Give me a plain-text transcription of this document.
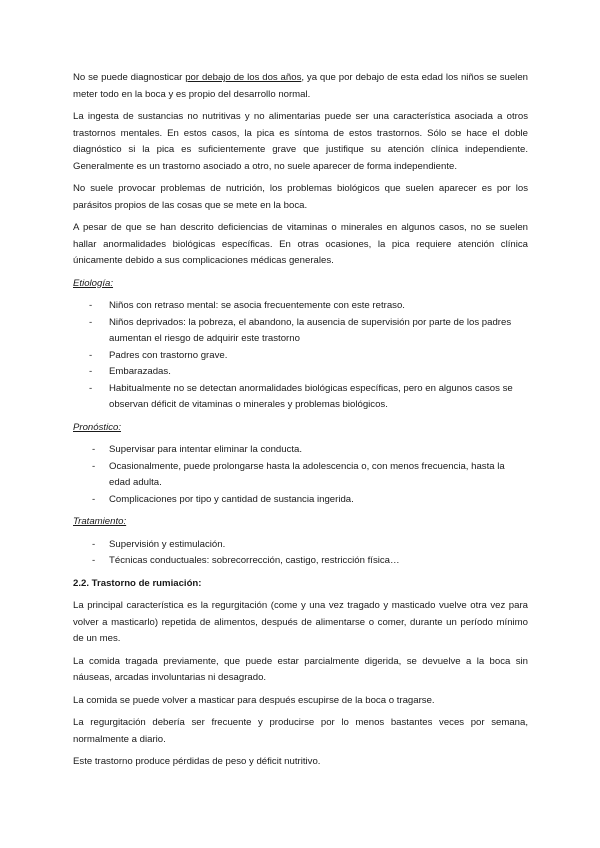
No se puede diagnosticar por debajo de los dos años, ya que por debajo de esta edad los niños se suelen meter todo en la boca y es propio del desarrollo normal.

La ingesta de sustancias no nutritivas y no alimentarias puede ser una característica asociada a otros trastornos mentales. En estos casos, la pica es síntoma de estos trastornos. Sólo se hace el doble diagnóstico si la pica es suficientemente grave que justifique su atención clínica independiente. Generalmente es un trastorno asociado a otro, no suele aparecer de forma independiente.

No suele provocar problemas de nutrición, los problemas biológicos que suelen aparecer es por los parásitos propios de las cosas que se mete en la boca.

A pesar de que se han descrito deficiencias de vitaminas o minerales en algunos casos, no se suelen hallar anormalidades biológicas específicas. En otras ocasiones, la pica requiere atención clínica únicamente debido a sus complicaciones médicas generales.

Etiología:
- Niños con retraso mental: se asocia frecuentemente con este retraso.
- Niños deprivados: la pobreza, el abandono, la ausencia de supervisión por parte de los padres aumentan el riesgo de adquirir este trastorno
- Padres con trastorno grave.
- Embarazadas.
- Habitualmente no se detectan anormalidades biológicas específicas, pero en algunos casos se observan déficit de vitaminas o minerales y problemas biológicos.
Pronóstico:
- Supervisar para intentar eliminar la conducta.
- Ocasionalmente, puede prolongarse hasta la adolescencia o, con menos frecuencia, hasta la edad adulta.
- Complicaciones por tipo y cantidad de sustancia ingerida.
Tratamiento:
- Supervisión y estimulación.
- Técnicas conductuales: sobrecorrección, castigo, restricción física…
2.2. Trastorno de rumiación:

La principal característica es la regurgitación (come y una vez tragado y masticado vuelve otra vez para volver a masticarlo) repetida de alimentos, después de alimentarse o comer, durante un período mínimo de un mes.

La comida tragada previamente, que puede estar parcialmente digerida, se devuelve a la boca sin náuseas, arcadas involuntarias ni desagrado.

La comida se puede volver a masticar para después escupirse de la boca o tragarse.

La regurgitación debería ser frecuente y producirse por lo menos bastantes veces por semana, normalmente a diario.

Este trastorno produce pérdidas de peso y déficit nutritivo.
